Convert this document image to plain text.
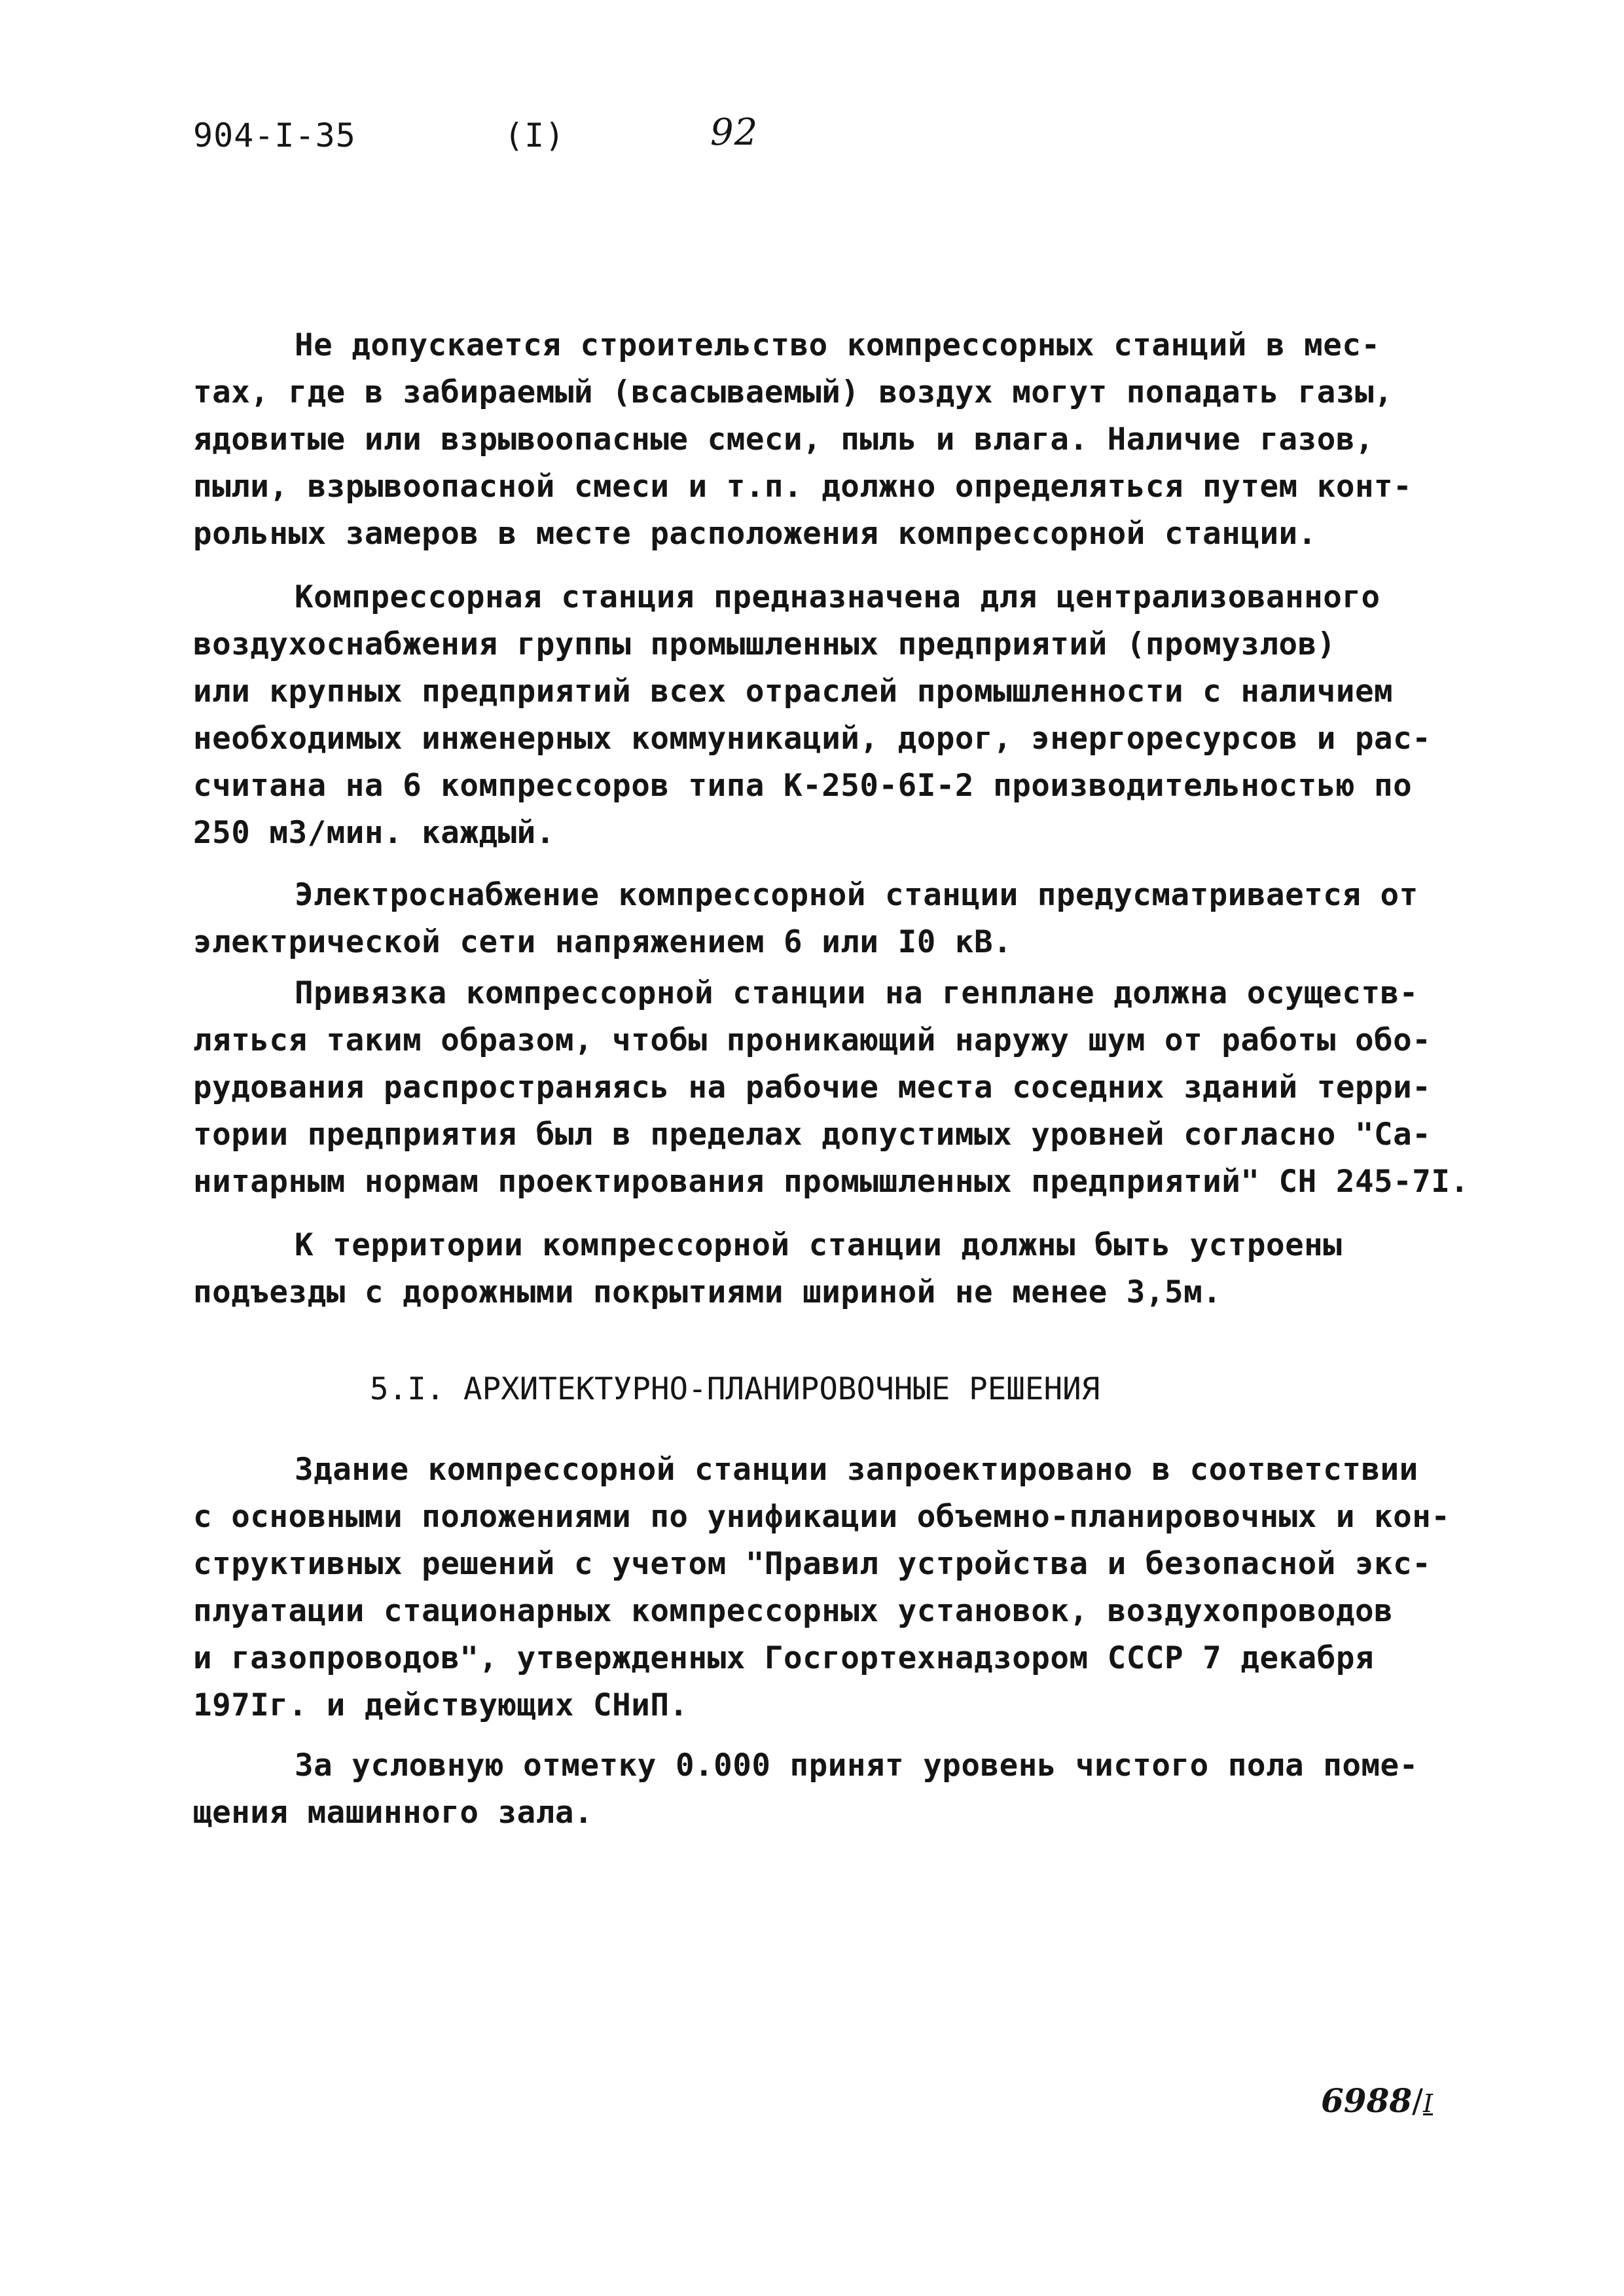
904-I-35	(I)	92
Не допускается строительство компрессорных станций в мес-
тах, где в забираемый (всасываемый) воздух могут попадать газы,
ядовитые или взрывоопасные смеси, пыль и влага. Наличие газов,
пыли, взрывоопасной смеси и т.п. должно определяться путем конт-
рольных замеров в месте расположения компрессорной станции.
Компрессорная станция предназначена для централизованного
воздухоснабжения группы промышленных предприятий (промузлов)
или крупных предприятий всех отраслей промышленности с наличием
необходимых инженерных коммуникаций, дорог, энергоресурсов и рас-
считана на 6 компрессоров типа К-250-6I-2 производительностью по
250 м3/мин. каждый.
Электроснабжение компрессорной станции предусматривается от
электрической сети напряжением 6 или I0 кВ.
Привязка компрессорной станции на генплане должна осуществ-
ляться таким образом, чтобы проникающий наружу шум от работы обо-
рудования распространяясь на рабочие места соседних зданий терри-
тории предприятия был в пределах допустимых уровней согласно "Са-
нитарным нормам проектирования промышленных предприятий" СН 245-7I.
К территории компрессорной станции должны быть устроены
подъезды с дорожными покрытиями шириной не менее 3,5м.
5.I. АРХИТЕКТУРНО-ПЛАНИРОВОЧНЫЕ РЕШЕНИЯ
Здание компрессорной станции запроектировано в соответствии
с основными положениями по унификации объемно-планировочных и кон-
структивных решений с учетом "Правил устройства и безопасной экс-
плуатации стационарных компрессорных установок, воздухопроводов
и газопроводов", утвержденных Госгортехнадзором СССР 7 декабря
197Iг. и действующих СНиП.
За условную отметку 0.000 принят уровень чистого пола поме-
щения машинного зала.
6988/I
